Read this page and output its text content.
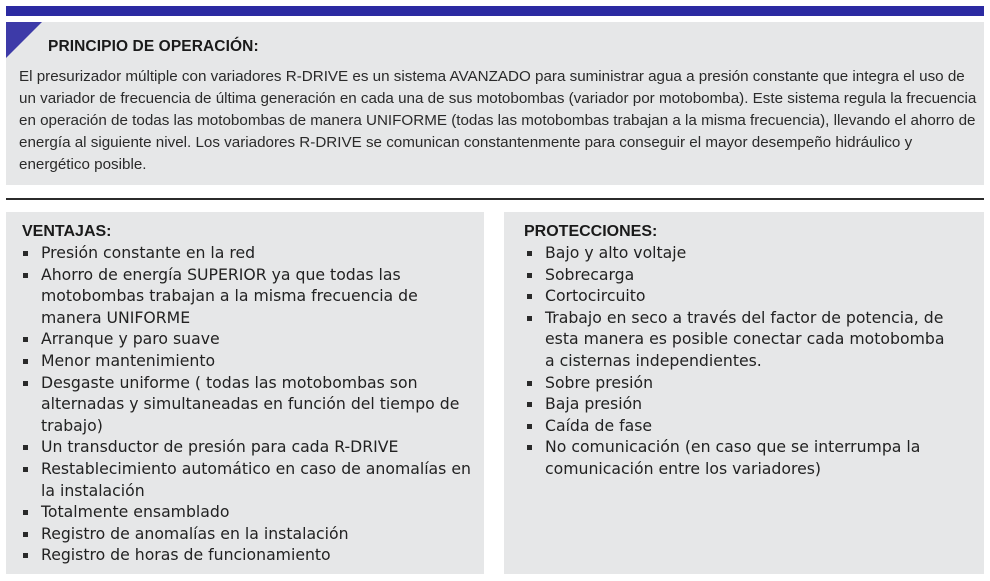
PRINCIPIO DE OPERACIÓN:
El presurizador múltiple con variadores R-DRIVE es un sistema AVANZADO para suministrar agua a presión constante que integra el uso de un variador de frecuencia de última generación en cada una de sus motobombas (variador por motobomba). Este sistema regula la frecuencia en operación de todas las motobombas de manera UNIFORME (todas las motobombas trabajan a la misma frecuencia), llevando el ahorro de energía al siguiente nivel. Los variadores R-DRIVE se comunican constantenmente para conseguir el mayor desempeño hidráulico y energético posible.
VENTAJAS:
Presión constante en la red
Ahorro de energía SUPERIOR ya que todas las motobombas trabajan a la misma frecuencia de manera UNIFORME
Arranque y paro suave
Menor mantenimiento
Desgaste uniforme ( todas las motobombas son alternadas y simultaneadas en función del tiempo de trabajo)
Un transductor de presión para cada R-DRIVE
Restablecimiento automático en caso de anomalías en la instalación
Totalmente ensamblado
Registro de anomalías en la instalación
Registro de horas de funcionamiento
PROTECCIONES:
Bajo y alto voltaje
Sobrecarga
Cortocircuito
Trabajo en seco a través del factor de potencia, de esta manera es posible conectar cada motobomba a cisternas independientes.
Sobre presión
Baja presión
Caída de fase
No comunicación (en caso que se interrumpa la comunicación entre los variadores)
